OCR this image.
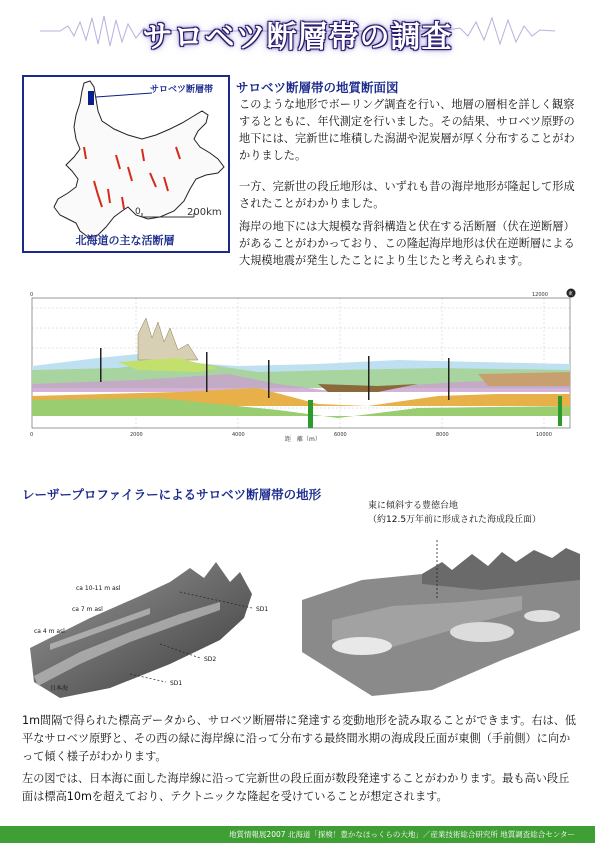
サロベツ断層帯の調査
サロベツ断層帯
0	200km
北海道の主な活断層
サロベツ断層帯の地質断面図
このような地形でボーリング調査を行い、地層の層相を詳しく観察するとともに、年代測定を行いました。その結果、サロベツ原野の地下には、完新世に堆積した潟湖や泥炭層が厚く分布することがわかりました。
一方、完新世の段丘地形は、いずれも昔の海岸地形が隆起して形成されたことがわかりました。
海岸の地下には大規模な背斜構造と伏在する活断層（伏在逆断層）があることがわかっており、この隆起海岸地形は伏在逆断層による大規模地震が発生したことにより生じたと考えられます。
0	2000	4000	6000	8000	10000
0	12000	東
距　離（m）
レーザープロファイラーによるサロベツ断層帯の地形
東に傾斜する豊徳台地
（約12.5万年前に形成された海成段丘面）
ca 10-11 m asl
ca 7 m asl
ca 4 m asl
日本海
SD1
SD2
SD1
1m間隔で得られた標高データから、サロベツ断層帯に発達する変動地形を読み取ることができます。右は、低平なサロベツ原野と、その西の緑に海岸線に沿って分布する最終間氷期の海成段丘面が東側（手前側）に向かって傾く様子がわかります。
左の図では、日本海に面した海岸線に沿って完新世の段丘面が数段発達することがわかります。最も高い段丘面は標高10mを超えており、テクトニックな隆起を受けていることが想定されます。
地質情報展2007 北海道「探検！豊かなほっくらの大地」／産業技術総合研究所 地質調査総合センター
